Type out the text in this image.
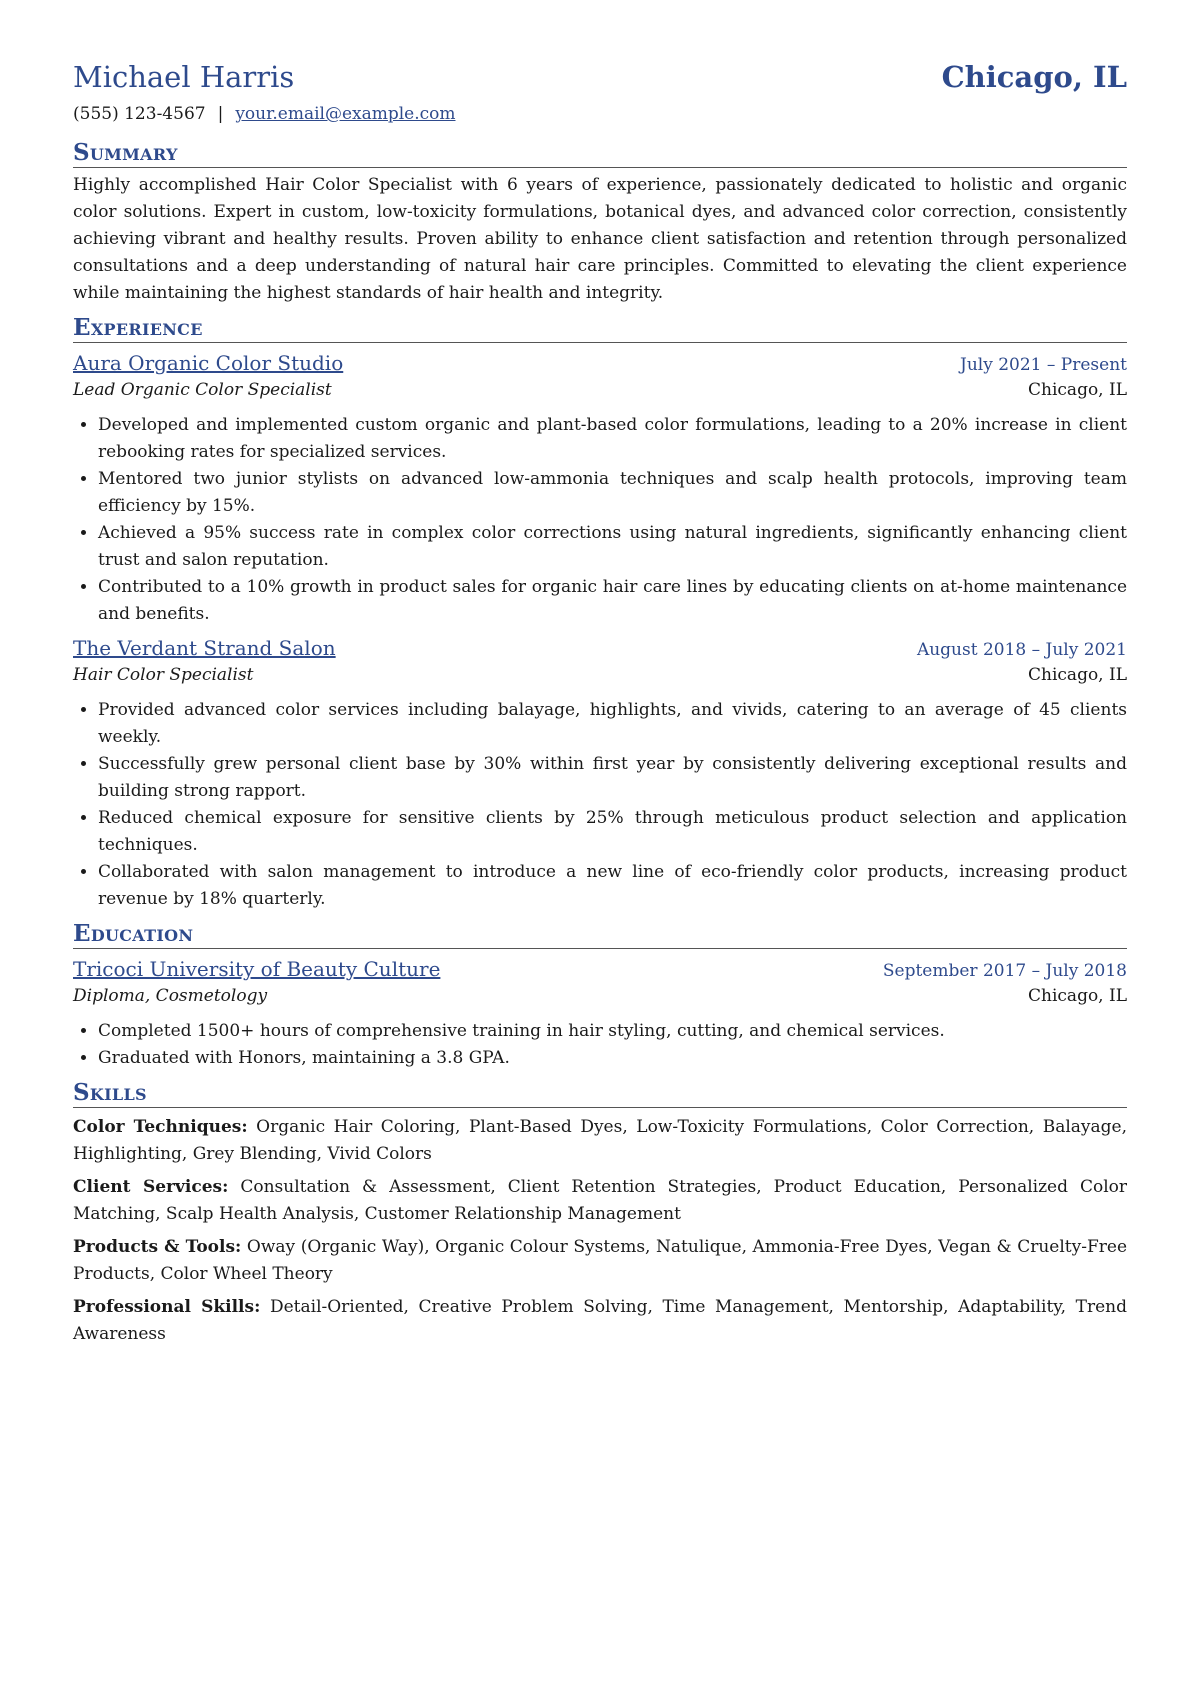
Michael Harris	Chicago, IL
(555) 123-4567 | your.email@example.com
Summary
Highly accomplished Hair Color Specialist with 6 years of experience, passionately dedicated to holistic and organic color solutions. Expert in custom, low-toxicity formulations, botanical dyes, and advanced color correction, consistently achieving vibrant and healthy results. Proven ability to enhance client satisfaction and retention through personalized consultations and a deep understanding of natural hair care principles. Committed to elevating the client experience while maintaining the highest standards of hair health and integrity.
Experience
Aura Organic Color Studio	July 2021 – Present
Lead Organic Color Specialist	Chicago, IL
• Developed and implemented custom organic and plant-based color formulations, leading to a 20% increase in client rebooking rates for specialized services.
• Mentored two junior stylists on advanced low-ammonia techniques and scalp health protocols, improving team efficiency by 15%.
• Achieved a 95% success rate in complex color corrections using natural ingredients, significantly enhancing client trust and salon reputation.
• Contributed to a 10% growth in product sales for organic hair care lines by educating clients on at-home maintenance and benefits.
The Verdant Strand Salon	August 2018 – July 2021
Hair Color Specialist	Chicago, IL
• Provided advanced color services including balayage, highlights, and vivids, catering to an average of 45 clients weekly.
• Successfully grew personal client base by 30% within first year by consistently delivering exceptional results and building strong rapport.
• Reduced chemical exposure for sensitive clients by 25% through meticulous product selection and application techniques.
• Collaborated with salon management to introduce a new line of eco-friendly color products, increasing product revenue by 18% quarterly.
Education
Tricoci University of Beauty Culture	September 2017 – July 2018
Diploma, Cosmetology	Chicago, IL
• Completed 1500+ hours of comprehensive training in hair styling, cutting, and chemical services.
• Graduated with Honors, maintaining a 3.8 GPA.
Skills
Color Techniques: Organic Hair Coloring, Plant-Based Dyes, Low-Toxicity Formulations, Color Correction, Balayage, Highlighting, Grey Blending, Vivid Colors
Client Services: Consultation & Assessment, Client Retention Strategies, Product Education, Personalized Color Matching, Scalp Health Analysis, Customer Relationship Management
Products & Tools: Oway (Organic Way), Organic Colour Systems, Natulique, Ammonia-Free Dyes, Vegan & Cruelty-Free Products, Color Wheel Theory
Professional Skills: Detail-Oriented, Creative Problem Solving, Time Management, Mentorship, Adaptability, Trend Awareness
